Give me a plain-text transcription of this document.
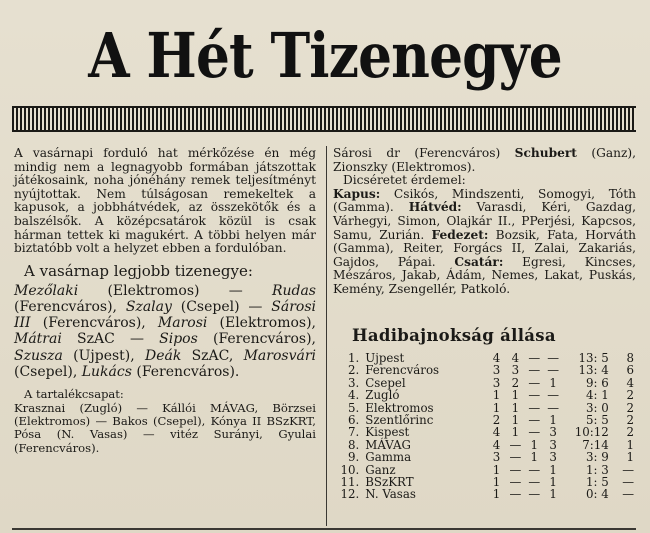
A Hét Tizenegye

A vasárnapi forduló hat mérkőzése én még mindig nem a legnagyobb formában játszottak játékosaink, noha jónéhány remek teljesítményt nyújtottak. Nem túlságosan remekeltek a kapusok, a jobbhátvédek, az összekötők és a balszélsők. A középcsatárok közül is csak hárman tettek ki magukért. A többi helyen már biztatóbb volt a helyzet ebben a fordulóban.

A vasárnap legjobb tizenegye:

Mezőlaki (Elektromos) — Rudas (Ferencváros), Szalay (Csepel) — Sárosi III (Ferencváros), Marosi (Elektromos), Mátrai SzAC — Sipos (Ferencváros), Szusza (Ujpest), Deák SzAC, Marosvári (Csepel), Lukács (Ferencváros).

A tartalékcsapat:

Krasznai (Zugló) — Kállói MÁVAG, Börzsei (Elektromos) — Bakos (Csepel), Kónya II BSzKRT, Pósa (N. Vasas) — vitéz Surányi, Gyulai (Ferencváros).

Sárosi dr (Ferencváros) Schubert (Ganz), Zionszky (Elektromos).

Dicséretet érdemel:

Kapus: Csikós, Mindszenti, Somogyi, Tóth (Gamma). Hátvéd: Varasdi, Kéri, Gazdag, Várhegyi, Simon, Olajkár II., PPerjési, Kapcsos, Samu, Zurián. Fedezet: Bozsik, Fata, Horváth (Gamma), Reiter, Forgács II, Zalai, Zakariás, Gajdos, Pápai. Csatár: Egresi, Kincses, Mészáros, Jakab, Ádám, Nemes, Lakat, Puskás, Kemény, Zsengellér, Patkoló.

Hadibajnokság állása
1.	Ujpest	4	4	—	—	13: 5	8
2.	Ferencváros	3	3	—	—	13: 4	6
3.	Csepel	3	2	—	1	9: 6	4
4.	Zugló	1	1	—	—	4: 1	2
5.	Elektromos	1	1	—	—	3: 0	2
6.	Szentlőrinc	2	1	—	1	5: 5	2
7.	Kispest	4	1	—	3	10:12	2
8.	MÁVAG	4	—	1	3	7:14	1
9.	Gamma	3	—	1	3	3: 9	1
10.	Ganz	1	—	—	1	1: 3	—
11.	BSzKRT	1	—	—	1	1: 5	—
12.	N. Vasas	1	—	—	1	0: 4	—
